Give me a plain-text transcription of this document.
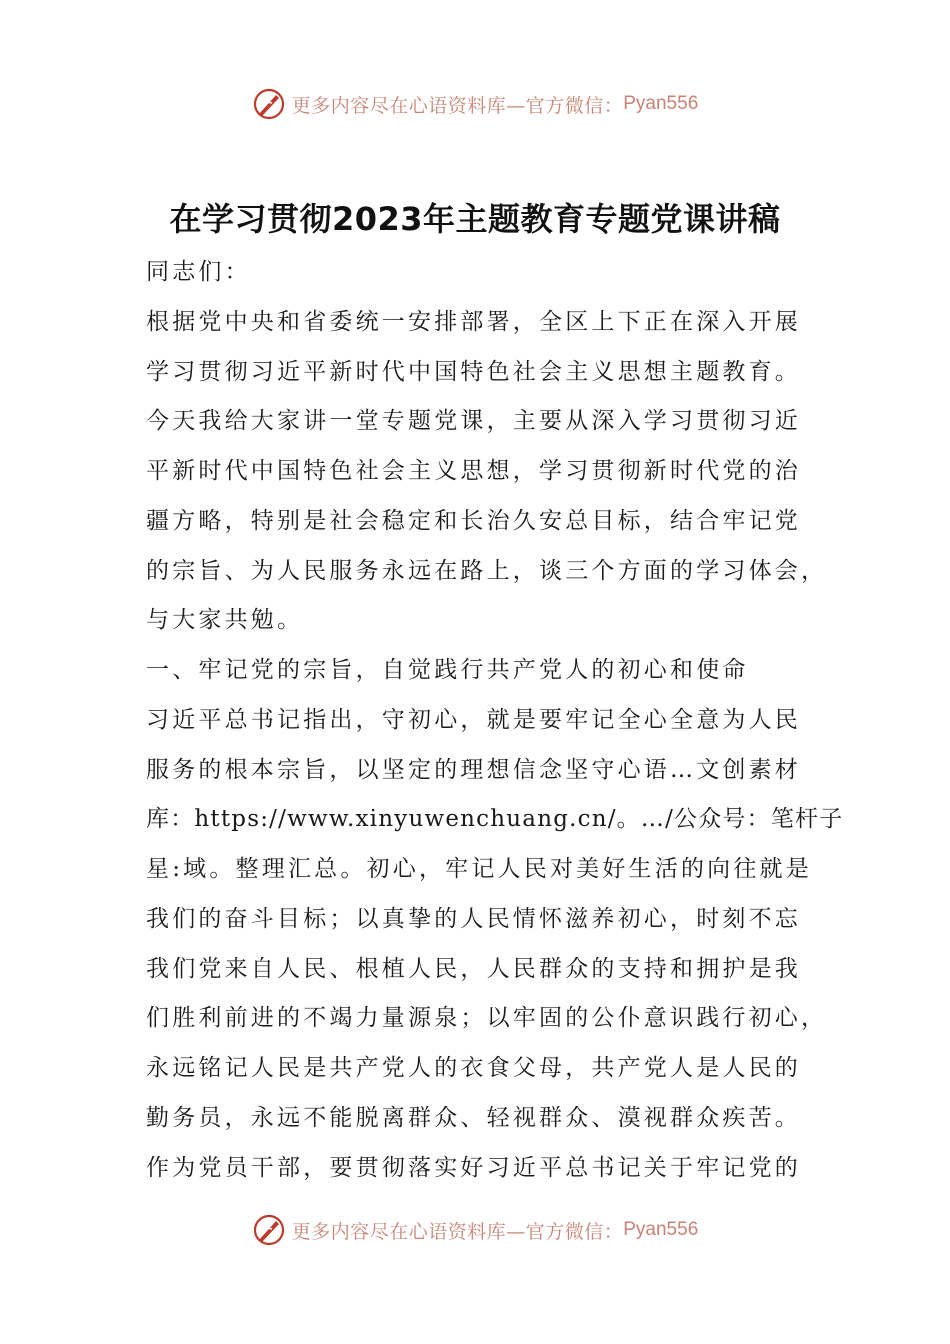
更多内容尽在心语资料库—官方微信： Pyan556
在学习贯彻2023年主题教育专题党课讲稿
同志们：
根据党中央和省委统一安排部署，全区上下正在深入开展
学习贯彻习近平新时代中国特色社会主义思想主题教育。
今天我给大家讲一堂专题党课，主要从深入学习贯彻习近
平新时代中国特色社会主义思想，学习贯彻新时代党的治
疆方略，特别是社会稳定和长治久安总目标，结合牢记党
的宗旨、为人民服务永远在路上，谈三个方面的学习体会，
与大家共勉。
一、牢记党的宗旨，自觉践行共产党人的初心和使命
习近平总书记指出，守初心，就是要牢记全心全意为人民
服务的根本宗旨，以坚定的理想信念坚守心语…文创素材
库：https://www.xinyuwenchuang.cn/。…/公众号：笔杆子
星:域。整理汇总。初心，牢记人民对美好生活的向往就是
我们的奋斗目标；以真挚的人民情怀滋养初心，时刻不忘
我们党来自人民、根植人民，人民群众的支持和拥护是我
们胜利前进的不竭力量源泉；以牢固的公仆意识践行初心，
永远铭记人民是共产党人的衣食父母，共产党人是人民的
勤务员，永远不能脱离群众、轻视群众、漠视群众疾苦。
作为党员干部，要贯彻落实好习近平总书记关于牢记党的
更多内容尽在心语资料库—官方微信： Pyan556
